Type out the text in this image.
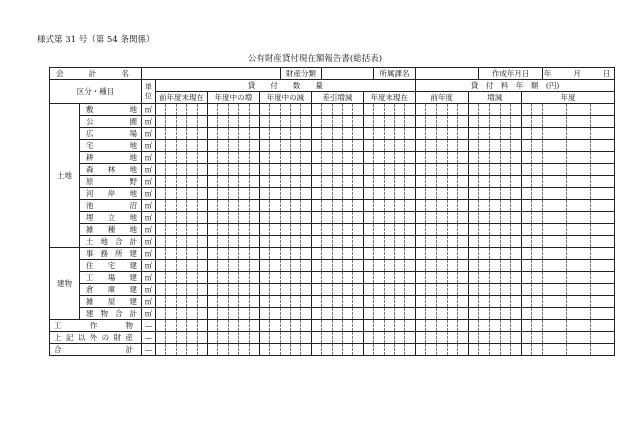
様式第 31 号（第 54 条関係）
公有財産貸付現在額報告書(総括表)
会　計　名															財産分類									所属課名										作成年月日						年 月 日		
区分・種目		単位	貸　　付　　数　　量																									貸　付　料　年　額　(円)														
			前年度末現在					年度中の増					年度中の減					差引増減					年度末現在					前年度					増減					年度				
土地	敷地	㎡																																								
	公園	㎡																																								
	広場	㎡																																								
	宅地	㎡																																								
	耕地	㎡																																								
	森林地	㎡																																								
	原野	㎡																																								
	河岸地	㎡																																								
	池沼	㎡																																								
	埋立地	㎡																																								
	雑種地	㎡																																								
	土地合計	㎡																																								
建物	事務所建	㎡																																								
	住宅建	㎡																																								
	工場建	㎡																																								
	倉庫建	㎡																																								
	雑屋建	㎡																																								
	建物合計	㎡																																								
工作物		—																																								
上記以外の財産		—																																								
合計		—																																								
